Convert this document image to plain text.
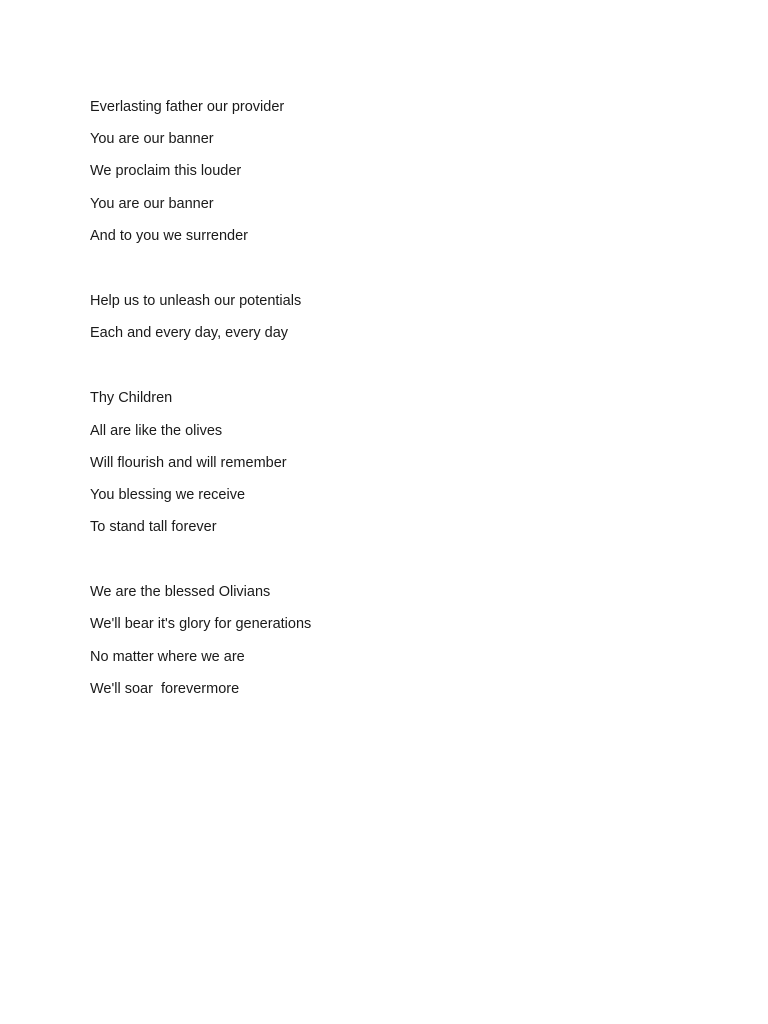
Everlasting father our provider
You are our banner
We proclaim this louder
You are our banner
And to you we surrender
Help us to unleash our potentials
Each and every day, every day
Thy Children
All are like the olives
Will flourish and will remember
You blessing we receive
To stand tall forever
We are the blessed Olivians
We'll bear it's glory for generations
No matter where we are
We'll soar  forevermore
